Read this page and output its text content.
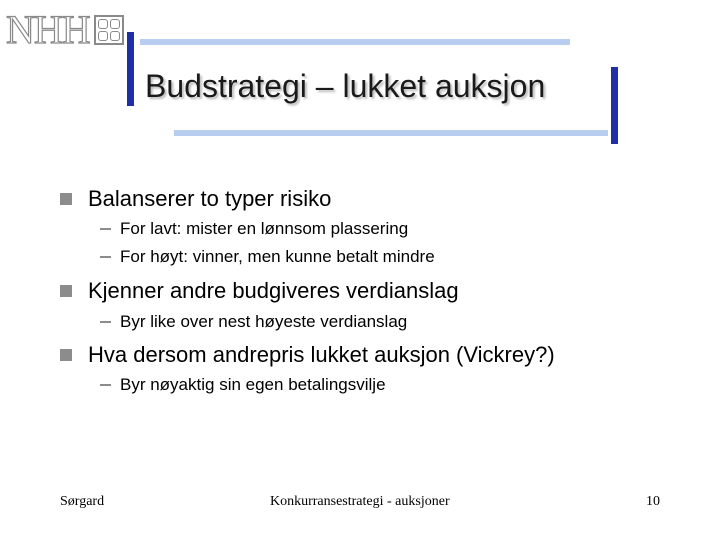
NHH
Budstrategi – lukket auksjon
Balanserer to typer risiko
For lavt: mister en lønnsom plassering
For høyt: vinner, men kunne betalt mindre
Kjenner andre budgiveres verdianslag
Byr like over nest høyeste verdianslag
Hva dersom andrepris lukket auksjon (Vickrey?)
Byr nøyaktig sin egen betalingsvilje
Sørgard	Konkurransestrategi - auksjoner	10
